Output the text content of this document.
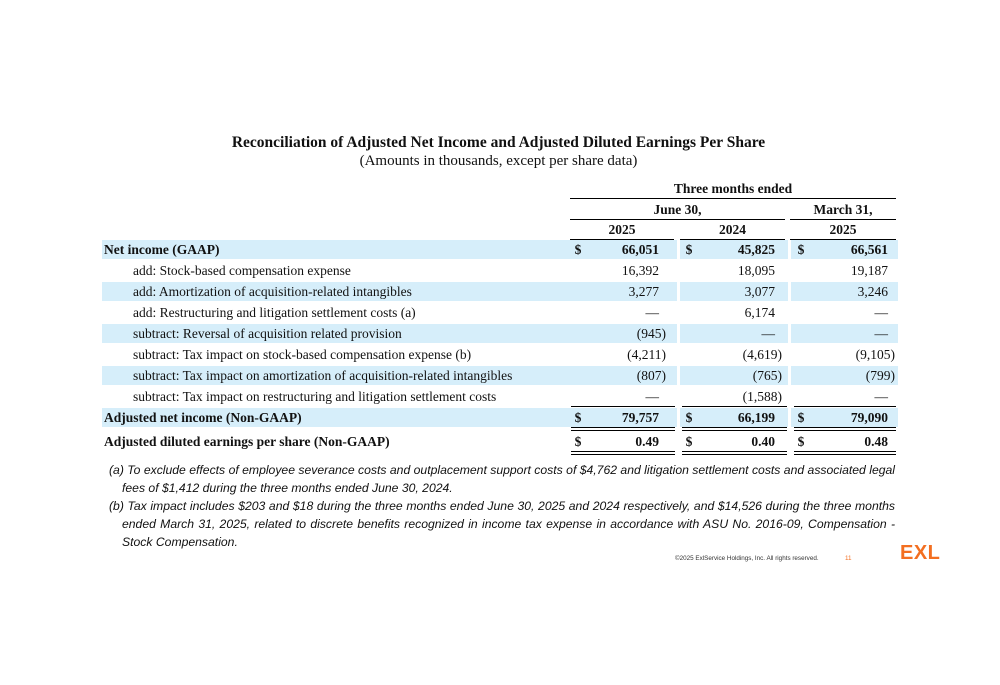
Reconciliation of Adjusted Net Income and Adjusted Diluted Earnings Per Share
(Amounts in thousands, except per share data)
Three months ended
June 30,	March 31,
2025	2024	2025
Net income (GAAP)	$	66,051	$	45,825	$	66,561
add: Stock-based compensation expense	16,392	18,095	19,187
add: Amortization of acquisition-related intangibles	3,277	3,077	3,246
add: Restructuring and litigation settlement costs (a)	—	6,174	—
subtract: Reversal of acquisition related provision	(945)	—	—
subtract: Tax impact on stock-based compensation expense (b)	(4,211)	(4,619)	(9,105)
subtract: Tax impact on amortization of acquisition-related intangibles	(807)	(765)	(799)
subtract: Tax impact on restructuring and litigation settlement costs	—	(1,588)	—
Adjusted net income (Non-GAAP)	$	79,757	$	66,199	$	79,090
Adjusted diluted earnings per share (Non-GAAP)	$	0.49	$	0.40	$	0.48
(a) To exclude effects of employee severance costs and outplacement support costs of $4,762 and litigation settlement costs and associated legal fees of $1,412 during the three months ended June 30, 2024.
(b) Tax impact includes $203 and $18 during the three months ended June 30, 2025 and 2024 respectively, and $14,526 during the three months ended March 31, 2025, related to discrete benefits recognized in income tax expense in accordance with ASU No. 2016-09, Compensation - Stock Compensation.
©2025 ExlService Holdings, Inc. All rights reserved.	11 EXL
